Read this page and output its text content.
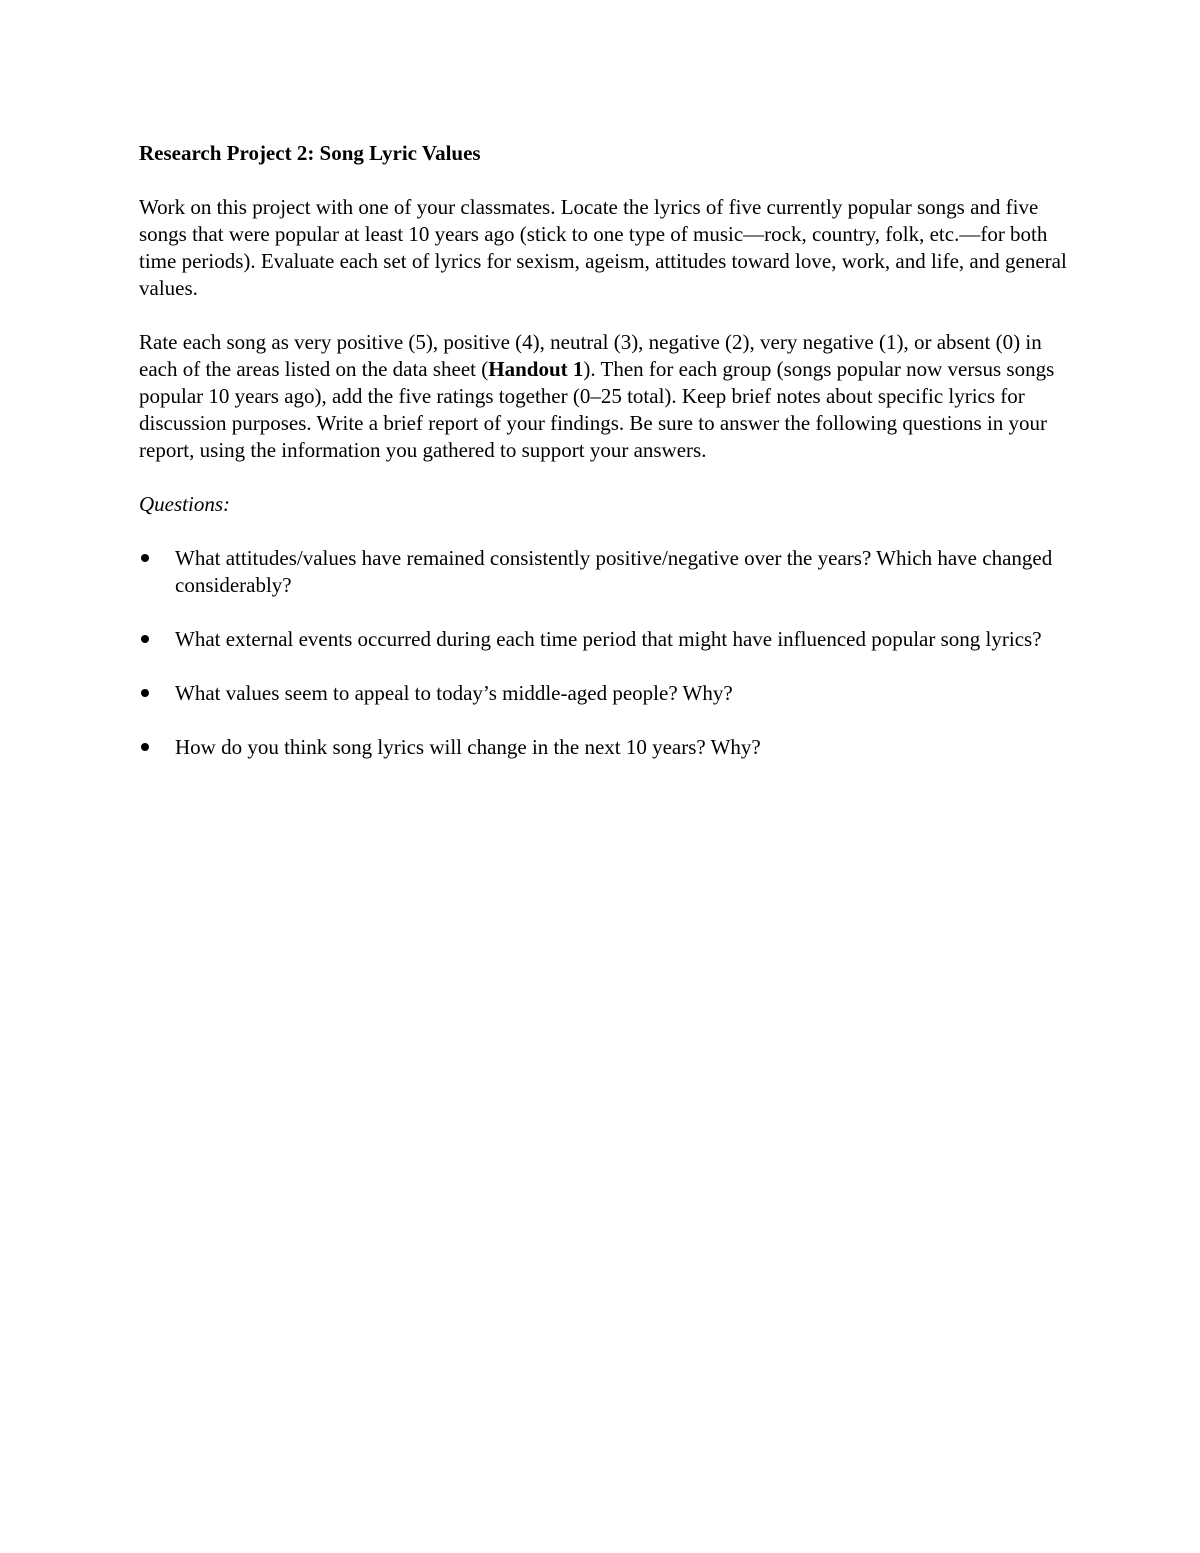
Research Project 2: Song Lyric Values

Work on this project with one of your classmates. Locate the lyrics of five currently popular songs and five songs that were popular at least 10 years ago (stick to one type of music—rock, country, folk, etc.—for both time periods). Evaluate each set of lyrics for sexism, ageism, attitudes toward love, work, and life, and general values.

Rate each song as very positive (5), positive (4), neutral (3), negative (2), very negative (1), or absent (0) in each of the areas listed on the data sheet (Handout 1). Then for each group (songs popular now versus songs popular 10 years ago), add the five ratings together (0–25 total). Keep brief notes about specific lyrics for discussion purposes. Write a brief report of your findings. Be sure to answer the following questions in your report, using the information you gathered to support your answers.

Questions:

What attitudes/values have remained consistently positive/negative over the years? Which have changed considerably?
What external events occurred during each time period that might have influenced popular song lyrics?
What values seem to appeal to today’s middle-aged people? Why?
How do you think song lyrics will change in the next 10 years? Why?
